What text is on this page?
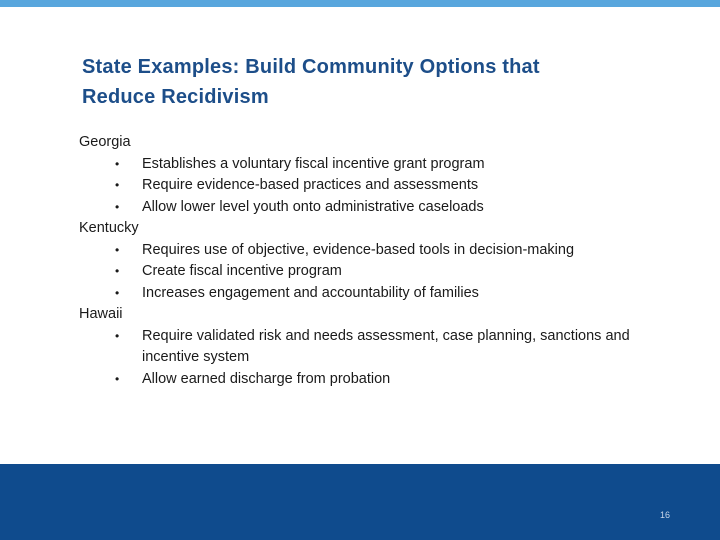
State Examples: Build Community Options that
Reduce Recidivism
Georgia
• Establishes a voluntary fiscal incentive grant program
• Require evidence-based practices and assessments
• Allow lower level youth onto administrative caseloads
Kentucky
• Requires use of objective, evidence-based tools in decision-making
• Create fiscal incentive program
• Increases engagement and accountability of families
Hawaii
• Require validated risk and needs assessment, case planning, sanctions and incentive system
• Allow earned discharge from probation
16
